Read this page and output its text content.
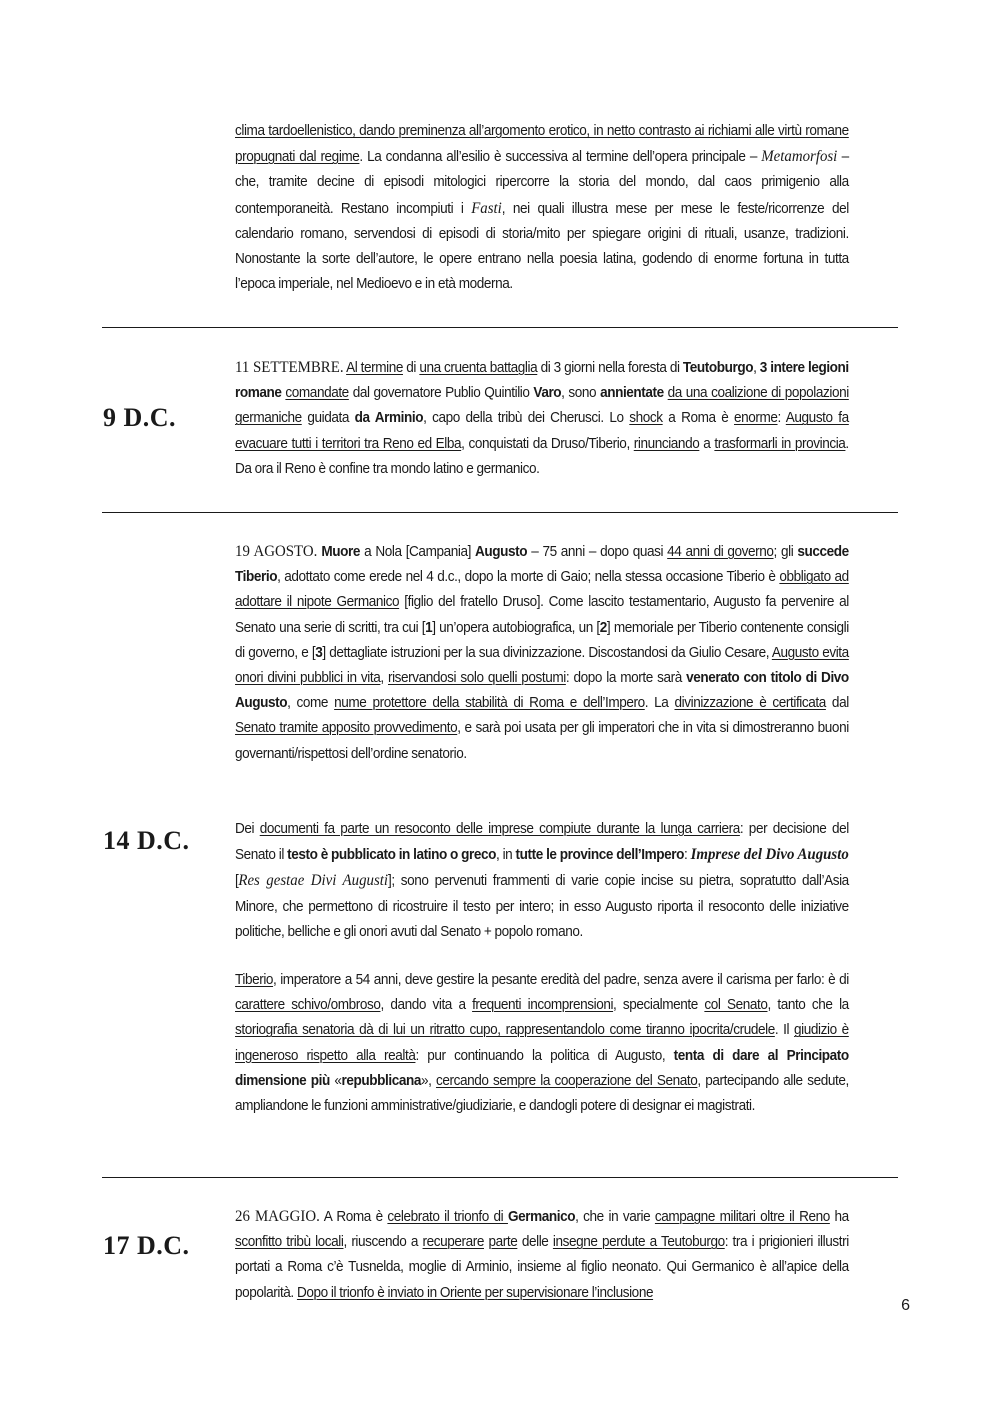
clima tardoellenistico, dando preminenza all’argomento erotico, in netto contrasto ai richiami alle virtù romane propugnati dal regime. La condanna all’esilio è successiva al termine dell’opera principale – Metamorfosi – che, tramite decine di episodi mitologici ripercorre la storia del mondo, dal caos primigenio alla contemporaneità. Restano incompiuti i Fasti, nei quali illustra mese per mese le feste/ricorrenze del calendario romano, servendosi di episodi di storia/mito per spiegare origini di rituali, usanze, tradizioni. Nonostante la sorte dell’autore, le opere entrano nella poesia latina, godendo di enorme fortuna in tutta l’epoca imperiale, nel Medioevo e in età moderna.
9 D.C.
11 SETTEMBRE. Al termine di una cruenta battaglia di 3 giorni nella foresta di Teutoburgo, 3 intere legioni romane comandate dal governatore Publio Quintilio Varo, sono annientate da una coalizione di popolazioni germaniche guidata da Arminio, capo della tribù dei Cherusci. Lo shock a Roma è enorme: Augusto fa evacuare tutti i territori tra Reno ed Elba, conquistati da Druso/Tiberio, rinunciando a trasformarli in provincia. Da ora il Reno è confine tra mondo latino e germanico.
14 D.C.
19 AGOSTO. Muore a Nola [Campania] Augusto – 75 anni – dopo quasi 44 anni di governo; gli succede Tiberio, adottato come erede nel 4 d.c., dopo la morte di Gaio; nella stessa occasione Tiberio è obbligato ad adottare il nipote Germanico [figlio del fratello Druso]. Come lascito testamentario, Augusto fa pervenire al Senato una serie di scritti, tra cui [1] un’opera autobiografica, un [2] memoriale per Tiberio contenente consigli di governo, e [3] dettagliate istruzioni per la sua divinizzazione. Discostandosi da Giulio Cesare, Augusto evita onori divini pubblici in vita, riservandosi solo quelli postumi: dopo la morte sarà venerato con titolo di Divo Augusto, come nume protettore della stabilità di Roma e dell’Impero. La divinizzazione è certificata dal Senato tramite apposito provvedimento, e sarà poi usata per gli imperatori che in vita si dimostreranno buoni governanti/rispettosi dell’ordine senatorio.
Dei documenti fa parte un resoconto delle imprese compiute durante la lunga carriera: per decisione del Senato il testo è pubblicato in latino o greco, in tutte le province dell’Impero: Imprese del Divo Augusto [Res gestae Divi Augusti]; sono pervenuti frammenti di varie copie incise su pietra, sopratutto dall’Asia Minore, che permettono di ricostruire il testo per intero; in esso Augusto riporta il resoconto delle iniziative politiche, belliche e gli onori avuti dal Senato + popolo romano.
Tiberio, imperatore a 54 anni, deve gestire la pesante eredità del padre, senza avere il carisma per farlo: è di carattere schivo/ombroso, dando vita a frequenti incomprensioni, specialmente col Senato, tanto che la storiografia senatoria dà di lui un ritratto cupo, rappresentandolo come tiranno ipocrita/crudele. Il giudizio è ingeneroso rispetto alla realtà: pur continuando la politica di Augusto, tenta di dare al Principato dimensione più «repubblicana», cercando sempre la cooperazione del Senato, partecipando alle sedute, ampliandone le funzioni amministrative/giudiziarie, e dandogli potere di designar ei magistrati.
17 D.C.
26 MAGGIO. A Roma è celebrato il trionfo di Germanico, che in varie campagne militari oltre il Reno ha sconfitto tribù locali, riuscendo a recuperare parte delle insegne perdute a Teutoburgo: tra i prigionieri illustri portati a Roma c’è Tusnelda, moglie di Arminio, insieme al figlio neonato. Qui Germanico è all’apice della popolarità. Dopo il trionfo è inviato in Oriente per supervisionare l’inclusione
6
